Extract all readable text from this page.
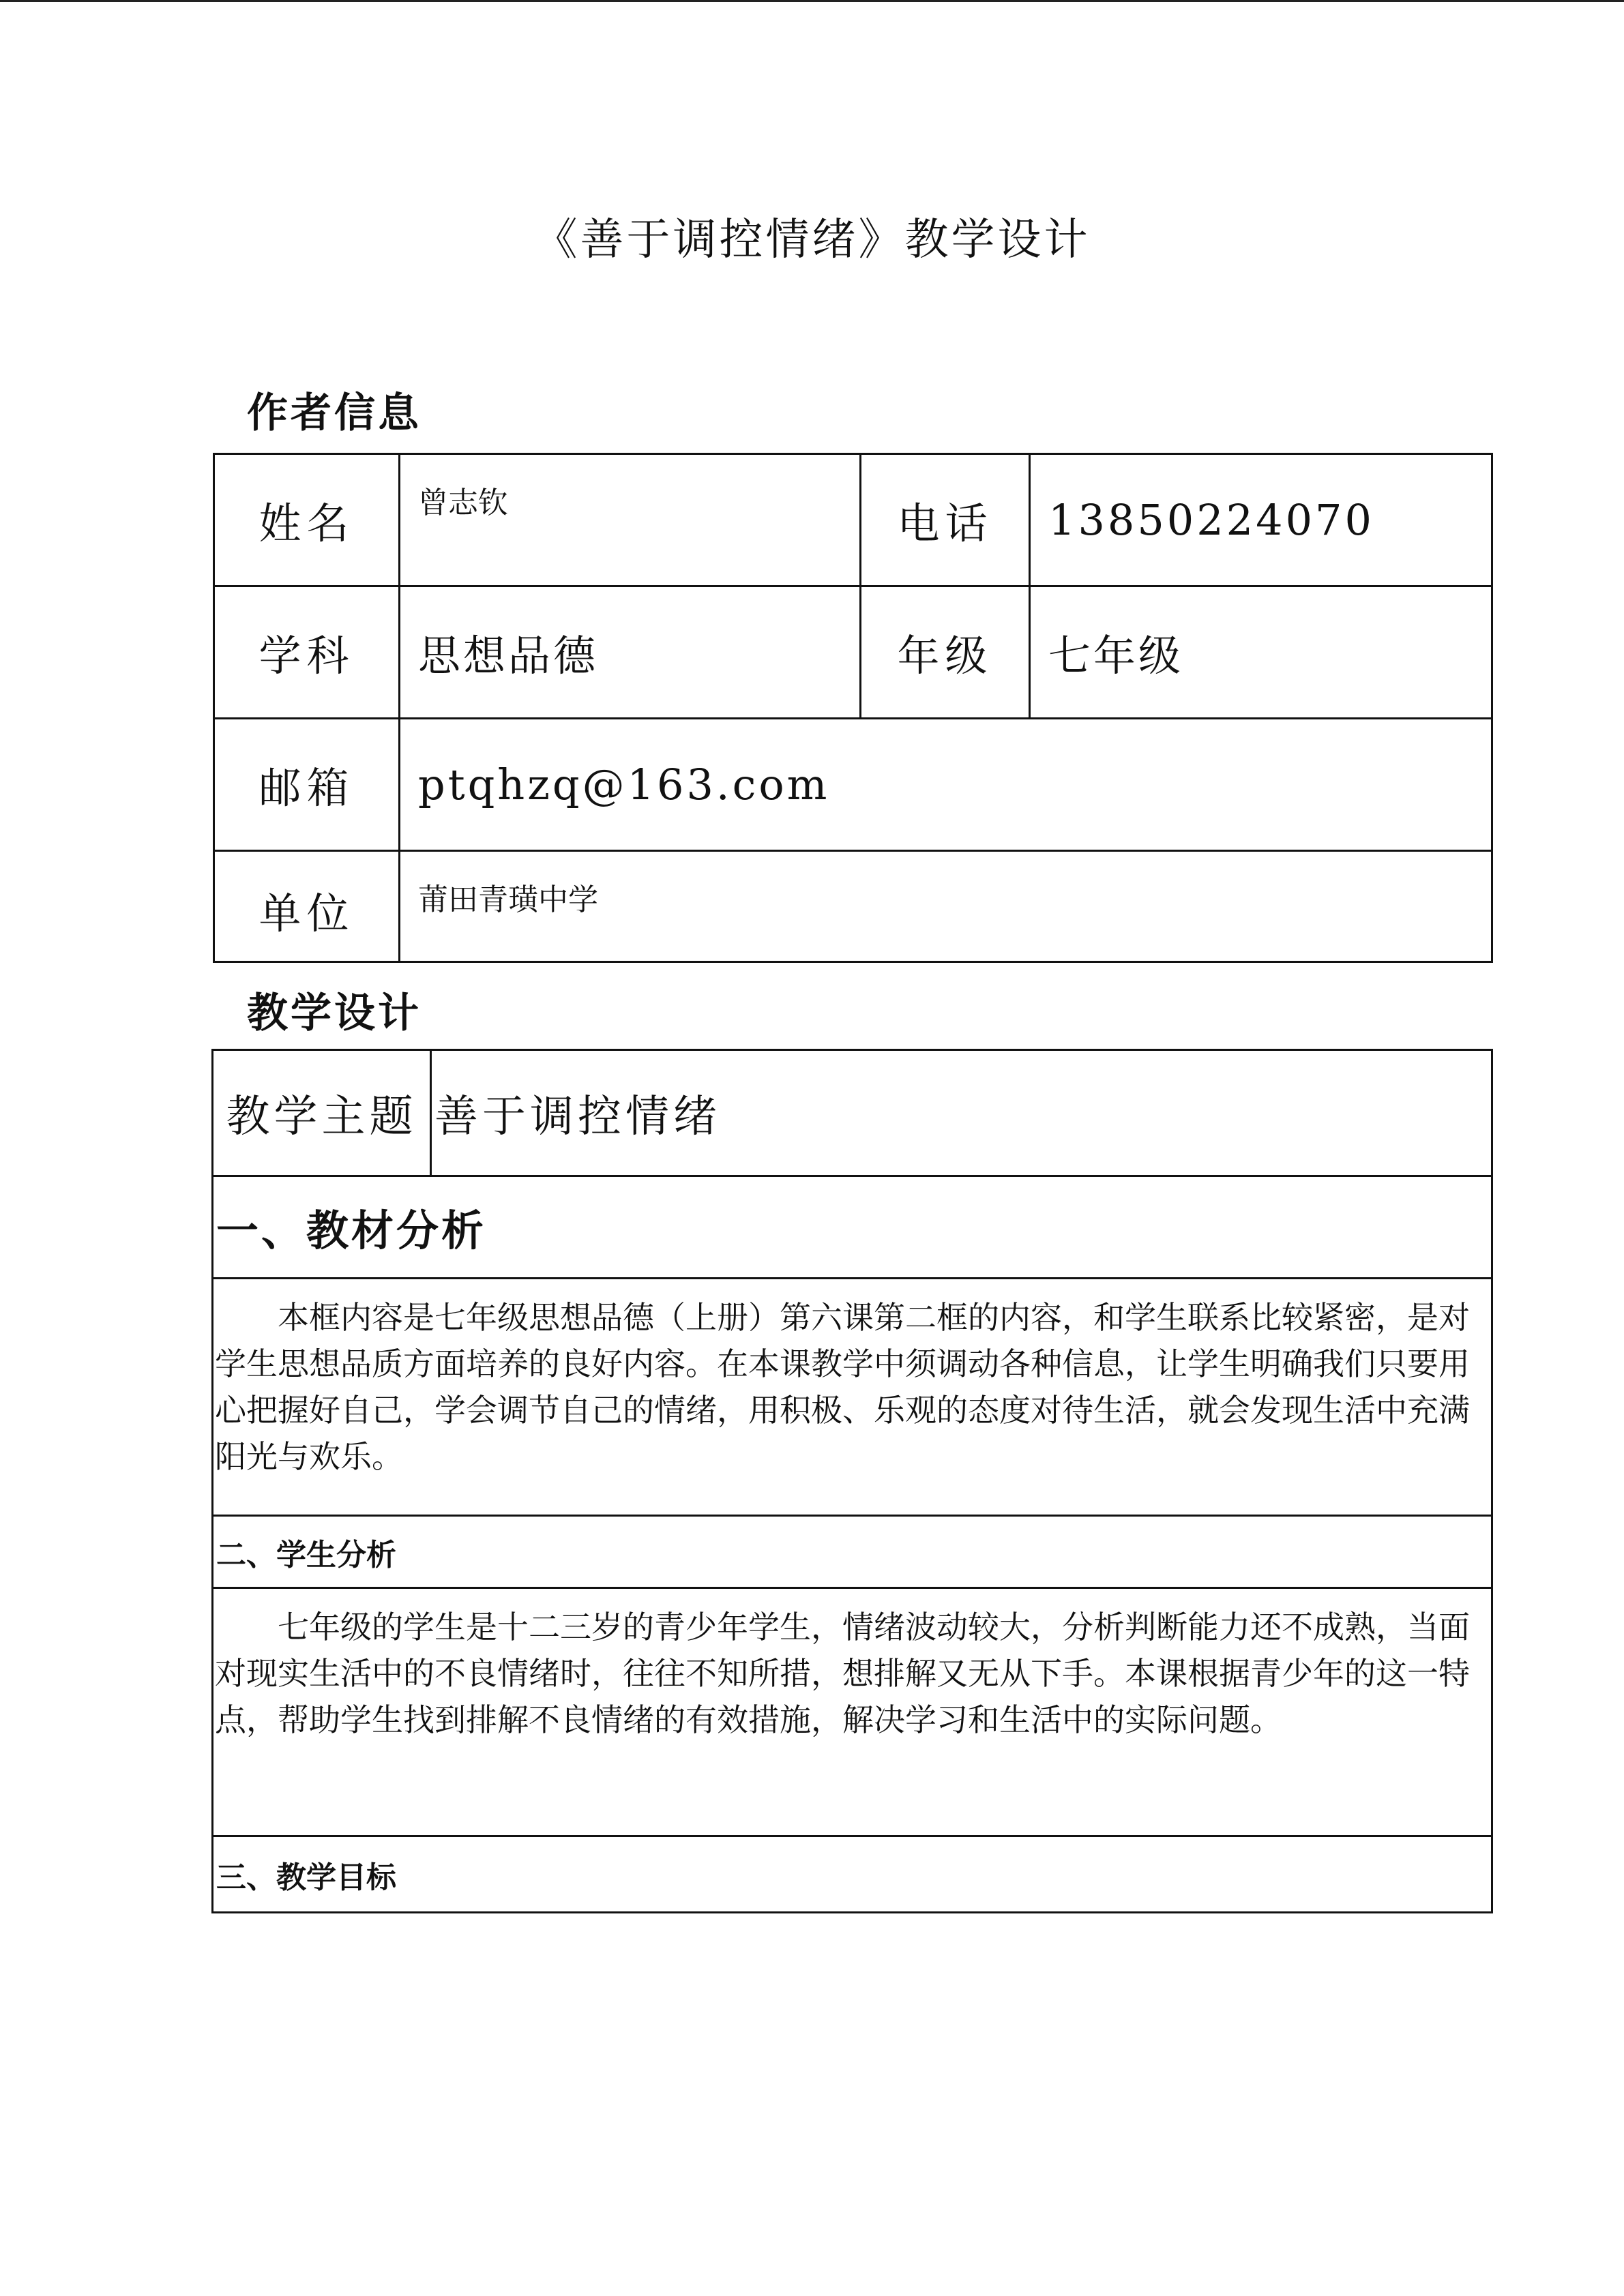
《善于调控情绪》教学设计
作者信息
姓名	曾志钦	电话	13850224070
学科	思想品德	年级	七年级
邮箱	ptqhzq@163.com		
单位	莆田青璜中学		
教学设计
教学主题	善于调控情绪
一、教材分析
本框内容是七年级思想品德（上册）第六课第二框的内容，和学生联系比较紧密，是对学生思想品质方面培养的良好内容。在本课教学中须调动各种信息，让学生明确我们只要用心把握好自己，学会调节自己的情绪，用积极、乐观的态度对待生活，就会发现生活中充满阳光与欢乐。
二、学生分析
七年级的学生是十二三岁的青少年学生，情绪波动较大，分析判断能力还不成熟，当面对现实生活中的不良情绪时，往往不知所措，想排解又无从下手。本课根据青少年的这一特点，帮助学生找到排解不良情绪的有效措施，解决学习和生活中的实际问题。
三、教学目标
